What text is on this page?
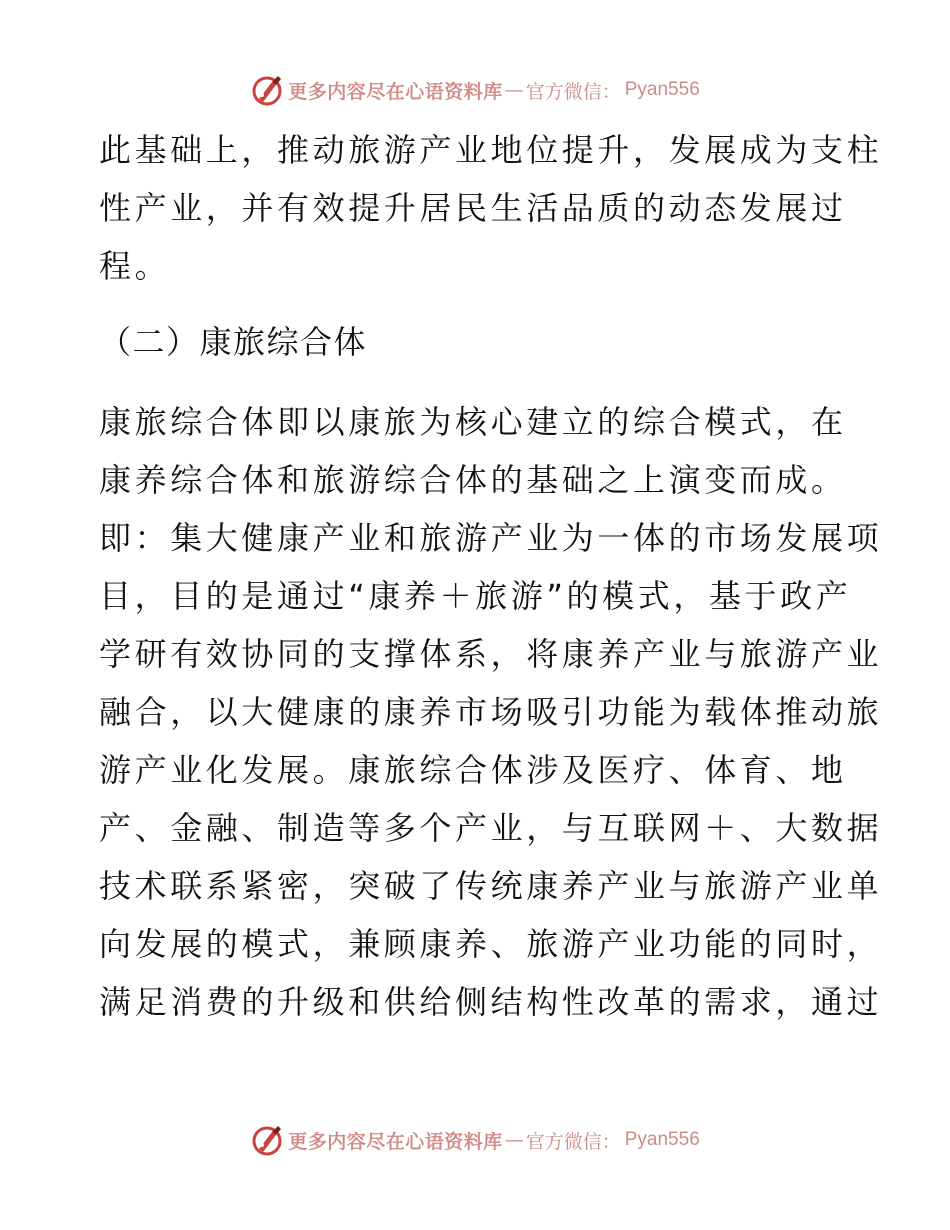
更多内容尽在心语资料库 — 官方微信： Pyan556
此基础上，推动旅游产业地位提升，发展成为支柱
性产业，并有效提升居民生活品质的动态发展过
程。
（二）康旅综合体
康旅综合体即以康旅为核心建立的综合模式，在
康养综合体和旅游综合体的基础之上演变而成。
即：集大健康产业和旅游产业为一体的市场发展项
目，目的是通过“康养＋旅游”的模式，基于政产
学研有效协同的支撑体系，将康养产业与旅游产业
融合，以大健康的康养市场吸引功能为载体推动旅
游产业化发展。康旅综合体涉及医疗、体育、地
产、金融、制造等多个产业，与互联网＋、大数据
技术联系紧密，突破了传统康养产业与旅游产业单
向发展的模式，兼顾康养、旅游产业功能的同时，
满足消费的升级和供给侧结构性改革的需求，通过
更多内容尽在心语资料库 — 官方微信： Pyan556
